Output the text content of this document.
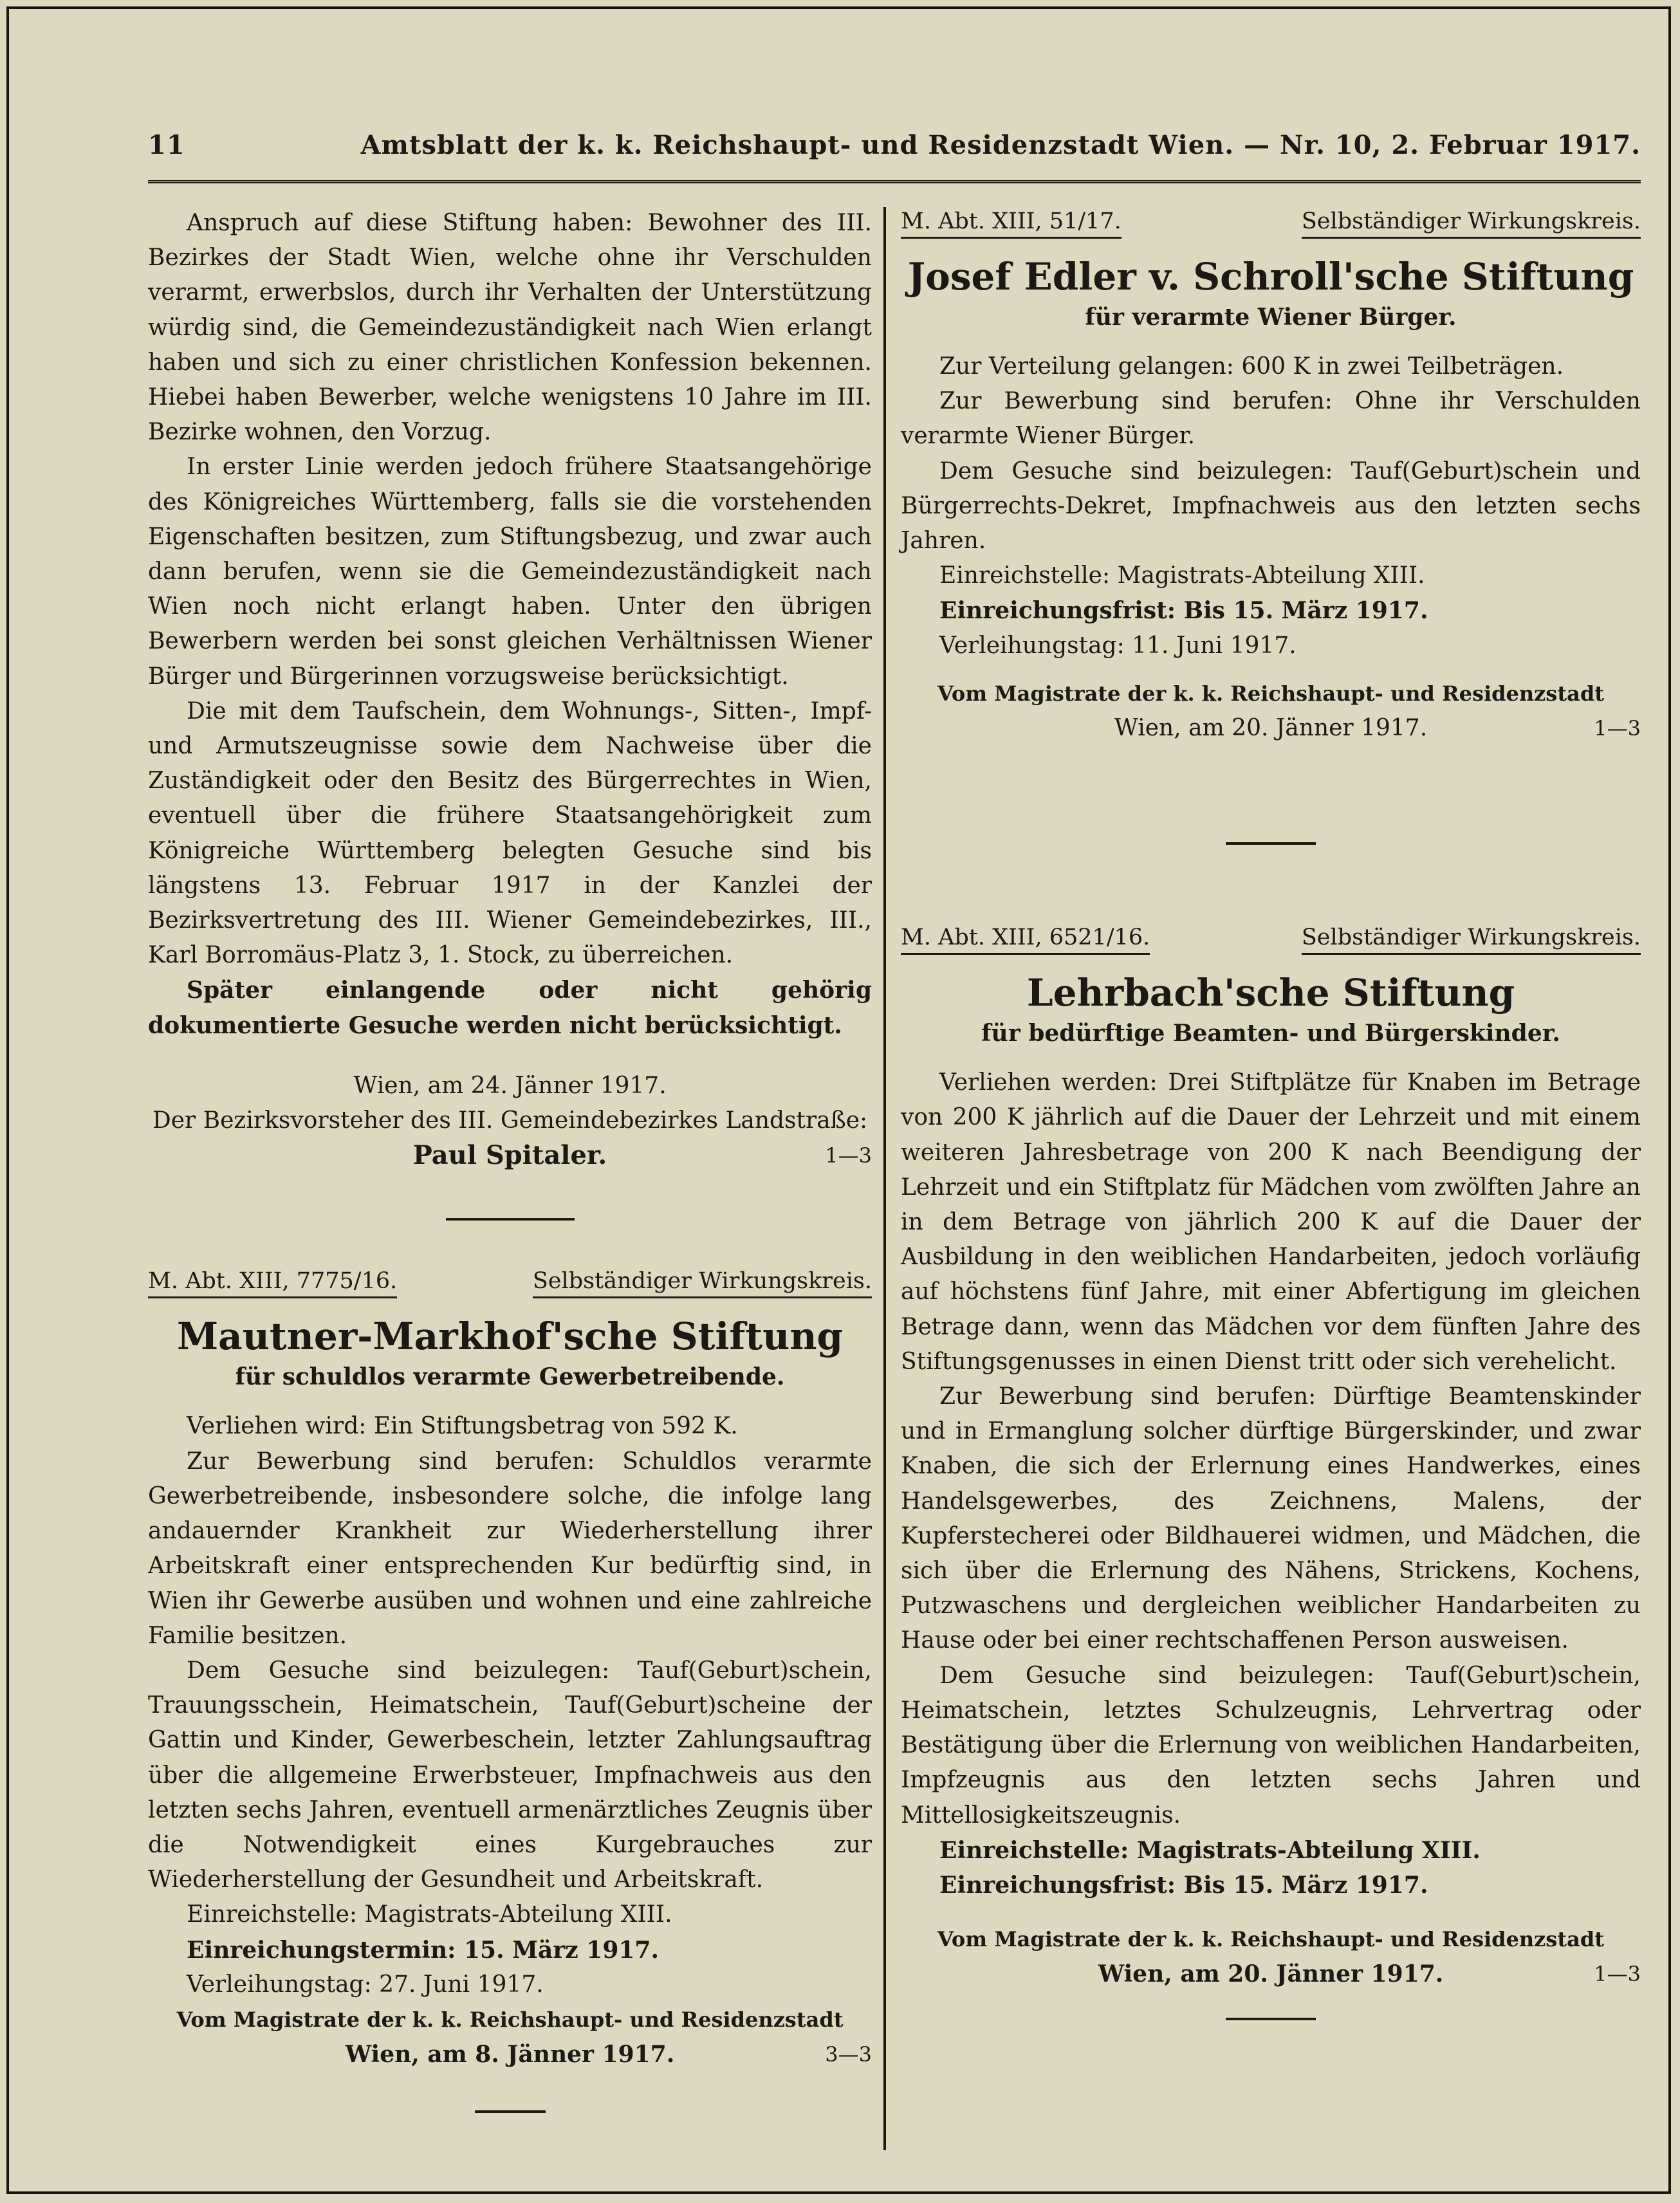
11	Amtsblatt der k. k. Reichshaupt- und Residenzstadt Wien. — Nr. 10, 2. Februar 1917.

Anspruch auf diese Stiftung haben: Bewohner des III. Bezirkes der Stadt Wien, welche ohne ihr Verschulden verarmt, erwerbslos, durch ihr Verhalten der Unterstützung würdig sind, die Gemeindezuständigkeit nach Wien erlangt haben und sich zu einer christlichen Konfession bekennen. Hiebei haben Bewerber, welche wenigstens 10 Jahre im III. Bezirke wohnen, den Vorzug.

In erster Linie werden jedoch frühere Staatsangehörige des Königreiches Württemberg, falls sie die vorstehenden Eigenschaften besitzen, zum Stiftungsbezug, und zwar auch dann berufen, wenn sie die Gemeindezuständigkeit nach Wien noch nicht erlangt haben. Unter den übrigen Bewerbern werden bei sonst gleichen Verhältnissen Wiener Bürger und Bürgerinnen vorzugsweise berücksichtigt.

Die mit dem Taufschein, dem Wohnungs-, Sitten-, Impf- und Armutszeugnisse sowie dem Nachweise über die Zuständigkeit oder den Besitz des Bürgerrechtes in Wien, eventuell über die frühere Staatsangehörigkeit zum Königreiche Württemberg belegten Gesuche sind bis längstens 13. Februar 1917 in der Kanzlei der Bezirksvertretung des III. Wiener Gemeindebezirkes, III., Karl Borromäus-Platz 3, 1. Stock, zu überreichen.

Später einlangende oder nicht gehörig dokumentierte Gesuche werden nicht berücksichtigt.

Wien, am 24. Jänner 1917.

Der Bezirksvorsteher des III. Gemeindebezirkes Landstraße:

Paul Spitaler.	1—3
M. Abt. XIII, 7775/16.	Selbständiger Wirkungskreis.
Mautner-Markhof'sche Stiftung
für schuldlos verarmte Gewerbetreibende.

Verliehen wird: Ein Stiftungsbetrag von 592 K.

Zur Bewerbung sind berufen: Schuldlos verarmte Gewerbetreibende, insbesondere solche, die infolge lang andauernder Krankheit zur Wiederherstellung ihrer Arbeitskraft einer entsprechenden Kur bedürftig sind, in Wien ihr Gewerbe ausüben und wohnen und eine zahlreiche Familie besitzen.

Dem Gesuche sind beizulegen: Tauf(Geburt)schein, Trauungsschein, Heimatschein, Tauf(Geburt)scheine der Gattin und Kinder, Gewerbeschein, letzter Zahlungsauftrag über die allgemeine Erwerbsteuer, Impfnachweis aus den letzten sechs Jahren, eventuell armenärztliches Zeugnis über die Notwendigkeit eines Kurgebrauches zur Wiederherstellung der Gesundheit und Arbeitskraft.

Einreichstelle: Magistrats-Abteilung XIII.

Einreichungstermin: 15. März 1917.

Verleihungstag: 27. Juni 1917.

Vom Magistrate der k. k. Reichshaupt- und Residenzstadt

Wien, am 8. Jänner 1917.	3—3
M. Abt. XIII, 51/17.	Selbständiger Wirkungskreis.
Josef Edler v. Schroll'sche Stiftung
für verarmte Wiener Bürger.

Zur Verteilung gelangen: 600 K in zwei Teilbeträgen.

Zur Bewerbung sind berufen: Ohne ihr Verschulden verarmte Wiener Bürger.

Dem Gesuche sind beizulegen: Tauf(Geburt)schein und Bürgerrechts-Dekret, Impfnachweis aus den letzten sechs Jahren.

Einreichstelle: Magistrats-Abteilung XIII.

Einreichungsfrist: Bis 15. März 1917.

Verleihungstag: 11. Juni 1917.

Vom Magistrate der k. k. Reichshaupt- und Residenzstadt

Wien, am 20. Jänner 1917.	1—3
M. Abt. XIII, 6521/16.	Selbständiger Wirkungskreis.
Lehrbach'sche Stiftung
für bedürftige Beamten- und Bürgerskinder.

Verliehen werden: Drei Stiftplätze für Knaben im Betrage von 200 K jährlich auf die Dauer der Lehrzeit und mit einem weiteren Jahresbetrage von 200 K nach Beendigung der Lehrzeit und ein Stiftplatz für Mädchen vom zwölften Jahre an in dem Betrage von jährlich 200 K auf die Dauer der Ausbildung in den weiblichen Handarbeiten, jedoch vorläufig auf höchstens fünf Jahre, mit einer Abfertigung im gleichen Betrage dann, wenn das Mädchen vor dem fünften Jahre des Stiftungsgenusses in einen Dienst tritt oder sich verehelicht.

Zur Bewerbung sind berufen: Dürftige Beamtenskinder und in Ermanglung solcher dürftige Bürgerskinder, und zwar Knaben, die sich der Erlernung eines Handwerkes, eines Handelsgewerbes, des Zeichnens, Malens, der Kupferstecherei oder Bildhauerei widmen, und Mädchen, die sich über die Erlernung des Nähens, Strickens, Kochens, Putzwaschens und dergleichen weiblicher Handarbeiten zu Hause oder bei einer rechtschaffenen Person ausweisen.

Dem Gesuche sind beizulegen: Tauf(Geburt)schein, Heimatschein, letztes Schulzeugnis, Lehrvertrag oder Bestätigung über die Erlernung von weiblichen Handarbeiten, Impfzeugnis aus den letzten sechs Jahren und Mittellosigkeitszeugnis.

Einreichstelle: Magistrats-Abteilung XIII.

Einreichungsfrist: Bis 15. März 1917.

Vom Magistrate der k. k. Reichshaupt- und Residenzstadt

Wien, am 20. Jänner 1917.	1—3
